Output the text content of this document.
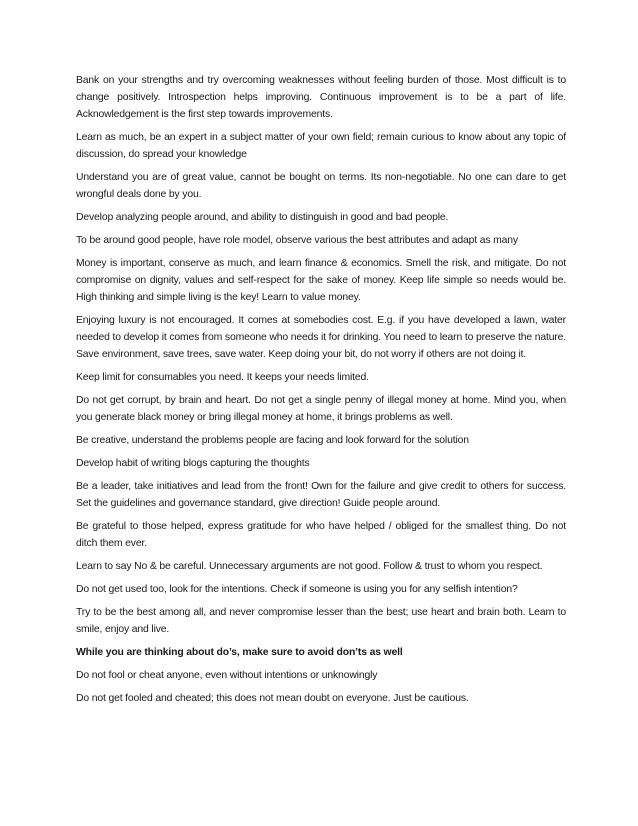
Bank on your strengths and try overcoming weaknesses without feeling burden of those. Most difficult is to change positively. Introspection helps improving. Continuous improvement is to be a part of life. Acknowledgement is the first step towards improvements.

Learn as much, be an expert in a subject matter of your own field; remain curious to know about any topic of discussion, do spread your knowledge

Understand you are of great value, cannot be bought on terms. Its non-negotiable. No one can dare to get wrongful deals done by you.

Develop analyzing people around, and ability to distinguish in good and bad people.

To be around good people, have role model, observe various the best attributes and adapt as many

Money is important, conserve as much, and learn finance & economics. Smell the risk, and mitigate. Do not compromise on dignity, values and self-respect for the sake of money. Keep life simple so needs would be. High thinking and simple living is the key! Learn to value money.

Enjoying luxury is not encouraged. It comes at somebodies cost. E.g. if you have developed a lawn, water needed to develop it comes from someone who needs it for drinking. You need to learn to preserve the nature. Save environment, save trees, save water. Keep doing your bit, do not worry if others are not doing it.

Keep limit for consumables you need. It keeps your needs limited.

Do not get corrupt, by brain and heart. Do not get a single penny of illegal money at home. Mind you, when you generate black money or bring illegal money at home, it brings problems as well.

Be creative, understand the problems people are facing and look forward for the solution

Develop habit of writing blogs capturing the thoughts

Be a leader, take initiatives and lead from the front! Own for the failure and give credit to others for success. Set the guidelines and governance standard, give direction! Guide people around.

Be grateful to those helped, express gratitude for who have helped / obliged for the smallest thing. Do not ditch them ever.

Learn to say No & be careful. Unnecessary arguments are not good. Follow & trust to whom you respect.

Do not get used too, look for the intentions. Check if someone is using you for any selfish intention?

Try to be the best among all, and never compromise lesser than the best; use heart and brain both. Learn to smile, enjoy and live.

While you are thinking about do’s, make sure to avoid don’ts as well

Do not fool or cheat anyone, even without intentions or unknowingly

Do not get fooled and cheated; this does not mean doubt on everyone. Just be cautious.
